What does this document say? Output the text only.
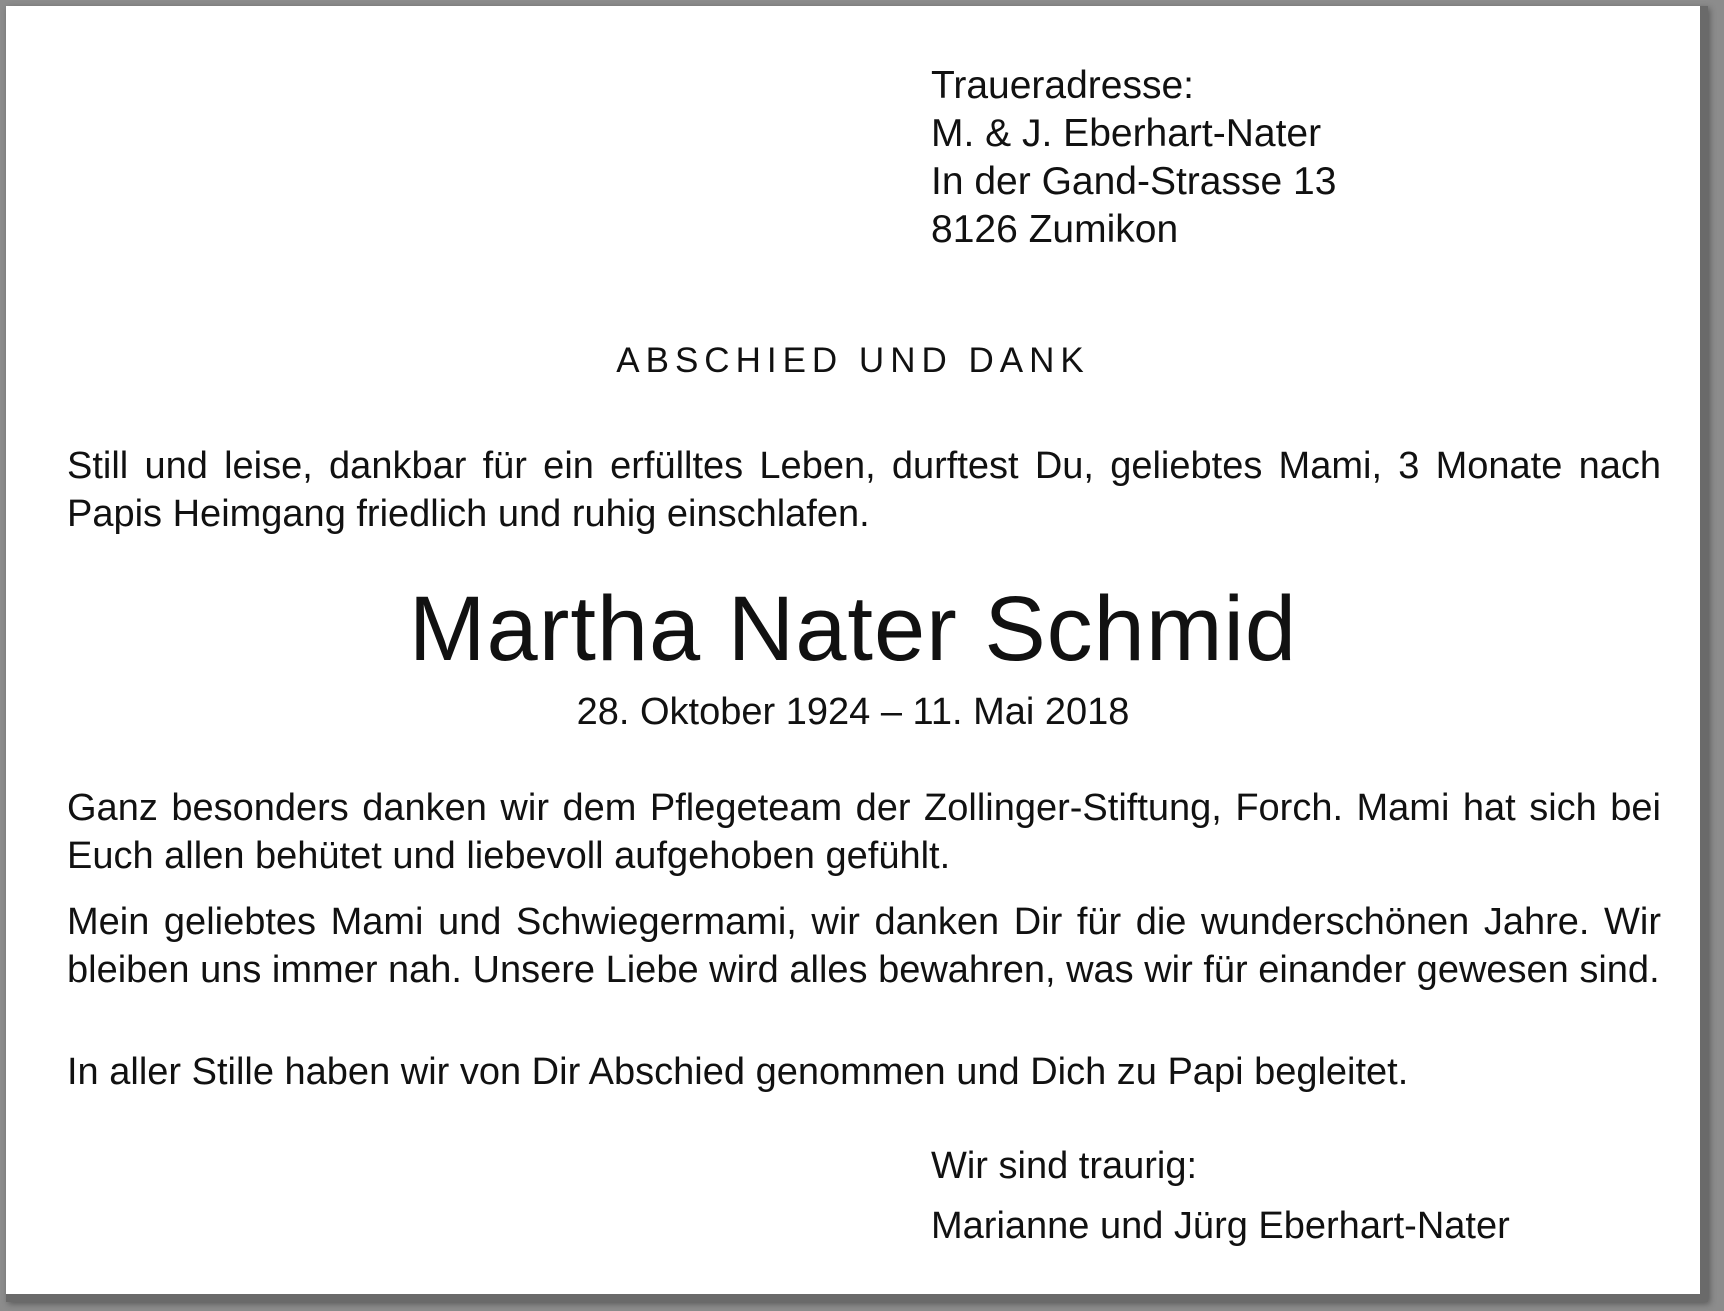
Traueradresse:
M. & J. Eberhart-Nater
In der Gand-Strasse 13
8126 Zumikon
ABSCHIED UND DANK
Still und leise, dankbar für ein erfülltes Leben, durftest Du, geliebtes Mami, 3 Monate nach Papis Heimgang friedlich und ruhig einschlafen.
Martha Nater Schmid
28. Oktober 1924 – 11. Mai 2018
Ganz besonders danken wir dem Pflegeteam der Zollinger-Stiftung, Forch. Mami hat sich bei Euch allen behütet und liebevoll aufgehoben gefühlt.
Mein geliebtes Mami und Schwiegermami, wir danken Dir für die wunderschönen Jahre. Wir bleiben uns immer nah. Unsere Liebe wird alles bewahren, was wir für einander gewesen sind.
In aller Stille haben wir von Dir Abschied genommen und Dich zu Papi begleitet.
Wir sind traurig:
Marianne und Jürg Eberhart-Nater
